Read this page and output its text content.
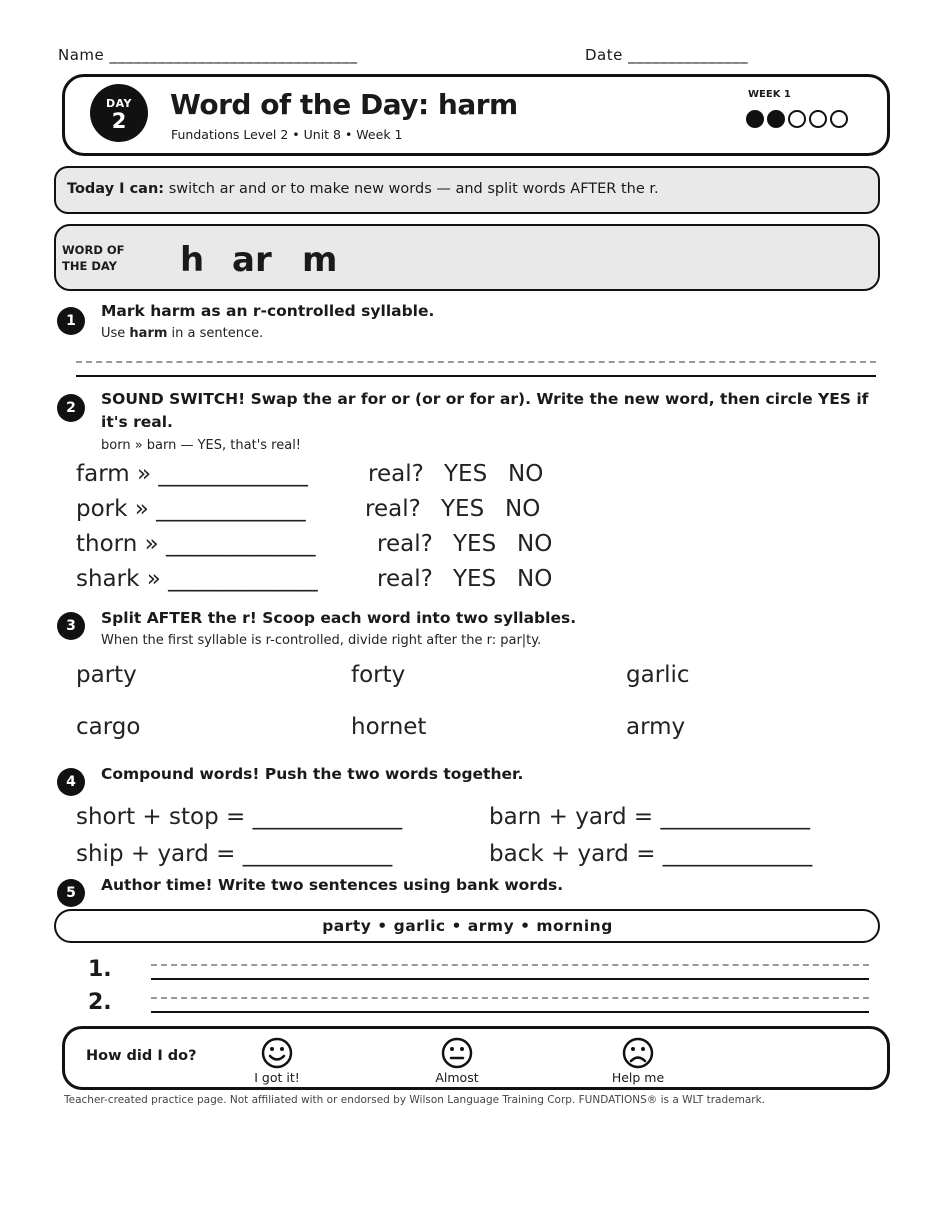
Name _______________________________	Date _______________
DAY
2	Word of the Day: harm
Fundations Level 2 • Unit 8 • Week 1
WEEK 1
Today I can: switch ar and or to make new words — and split words AFTER the r.
WORD OF
THE DAY h ar m
1
Mark harm as an r-controlled syllable.
Use harm in a sentence.
2	SOUND SWITCH! Swap the ar for or (or or for ar). Write the new word, then circle YES if
it's real.
born » barn — YES, that's real!
farm » _____________	real? YES NO
pork » _____________	real? YES NO
thorn » _____________	real? YES NO
shark » _____________	real? YES NO
3	Split AFTER the r! Scoop each word into two syllables.
When the first syllable is r-controlled, divide right after the r: par|ty.
party	forty	garlic
cargo	hornet	army
4	Compound words! Push the two words together.
short + stop = _____________	barn + yard = _____________
ship + yard = _____________	back + yard = _____________
5	Author time! Write two sentences using bank words.
party • garlic • army • morning
1.
2.
How did I do?
I got it!	Almost	Help me
Teacher-created practice page. Not affiliated with or endorsed by Wilson Language Training Corp. FUNDATIONS® is a WLT trademark.
